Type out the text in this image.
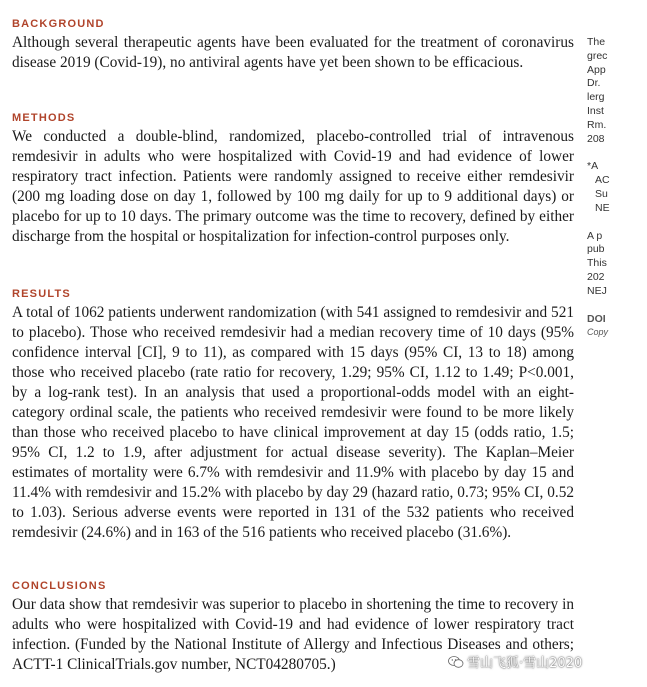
BACKGROUND

Although several therapeutic agents have been evaluated for the treatment of coronavirus disease 2019 (Covid-19), no antiviral agents have yet been shown to be efficacious.

METHODS

We conducted a double-blind, randomized, placebo-controlled trial of intravenous remdesivir in adults who were hospitalized with Covid-19 and had evidence of lower respiratory tract infection. Patients were randomly assigned to receive either remdesivir (200 mg loading dose on day 1, followed by 100 mg daily for up to 9 additional days) or placebo for up to 10 days. The primary outcome was the time to recovery, defined by either discharge from the hospital or hospitalization for infection-control purposes only.

RESULTS

A total of 1062 patients underwent randomization (with 541 assigned to remdesivir and 521 to placebo). Those who received remdesivir had a median recovery time of 10 days (95% confidence interval [CI], 9 to 11), as compared with 15 days (95% CI, 13 to 18) among those who received placebo (rate ratio for recovery, 1.29; 95% CI, 1.12 to 1.49; P<0.001, by a log-rank test). In an analysis that used a proportional-odds model with an eight-category ordinal scale, the patients who received remdesivir were found to be more likely than those who received placebo to have clinical improvement at day 15 (odds ratio, 1.5; 95% CI, 1.2 to 1.9, after adjustment for actual disease severity). The Kaplan–Meier estimates of mortality were 6.7% with remdesivir and 11.9% with placebo by day 15 and 11.4% with remdesivir and 15.2% with placebo by day 29 (hazard ratio, 0.73; 95% CI, 0.52 to 1.03). Serious adverse events were reported in 131 of the 532 patients who received remdesivir (24.6%) and in 163 of the 516 patients who received placebo (31.6%).

CONCLUSIONS

Our data show that remdesivir was superior to placebo in shortening the time to recovery in adults who were hospitalized with Covid-19 and had evidence of lower respiratory tract infection. (Funded by the National Institute of Allergy and Infectious Diseases and others; ACTT-1 ClinicalTrials.gov number, NCT04280705.)

The
grec
App
Dr.
lerg
Inst
Rm.
208
*A
AC
Su
NE
A p
pub
This
202
NEJ
DOI
Copy
雪山飞狐·雪山2020
